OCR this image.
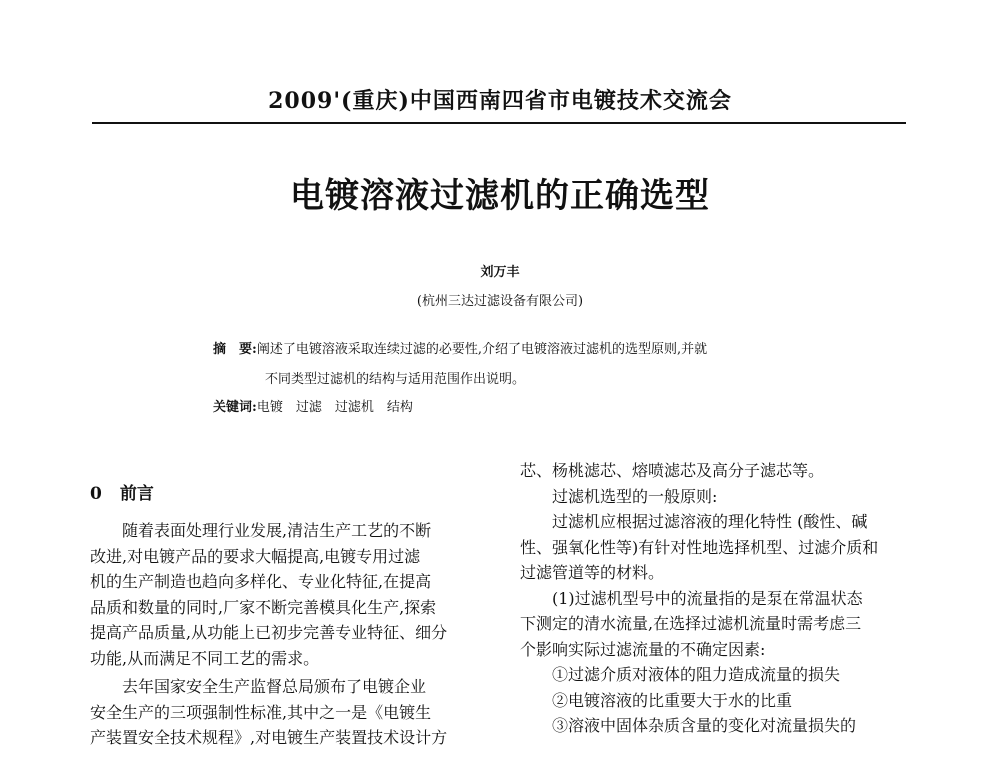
2009'(重庆)中国西南四省市电镀技术交流会
电镀溶液过滤机的正确选型
刘万丰
(杭州三达过滤设备有限公司)
摘　要:阐述了电镀溶液采取连续过滤的必要性,介绍了电镀溶液过滤机的选型原则,并就
不同类型过滤机的结构与适用范围作出说明。
关键词:电镀　过滤　过滤机　结构
0 前言

随着表面处理行业发展,清洁生产工艺的不断

改进,对电镀产品的要求大幅提高,电镀专用过滤

机的生产制造也趋向多样化、专业化特征,在提高

品质和数量的同时,厂家不断完善模具化生产,探索

提高产品质量,从功能上已初步完善专业特征、细分

功能,从而满足不同工艺的需求。

去年国家安全生产监督总局颁布了电镀企业

安全生产的三项强制性标准,其中之一是《电镀生

产装置安全技术规程》,对电镀生产装置技术设计方

芯、杨桃滤芯、熔喷滤芯及高分子滤芯等。

过滤机选型的一般原则:

过滤机应根据过滤溶液的理化特性 (酸性、碱

性、强氧化性等)有针对性地选择机型、过滤介质和

过滤管道等的材料。

(1)过滤机型号中的流量指的是泵在常温状态

下测定的清水流量,在选择过滤机流量时需考虑三

个影响实际过滤流量的不确定因素:

①过滤介质对液体的阻力造成流量的损失

②电镀溶液的比重要大于水的比重

③溶液中固体杂质含量的变化对流量损失的
